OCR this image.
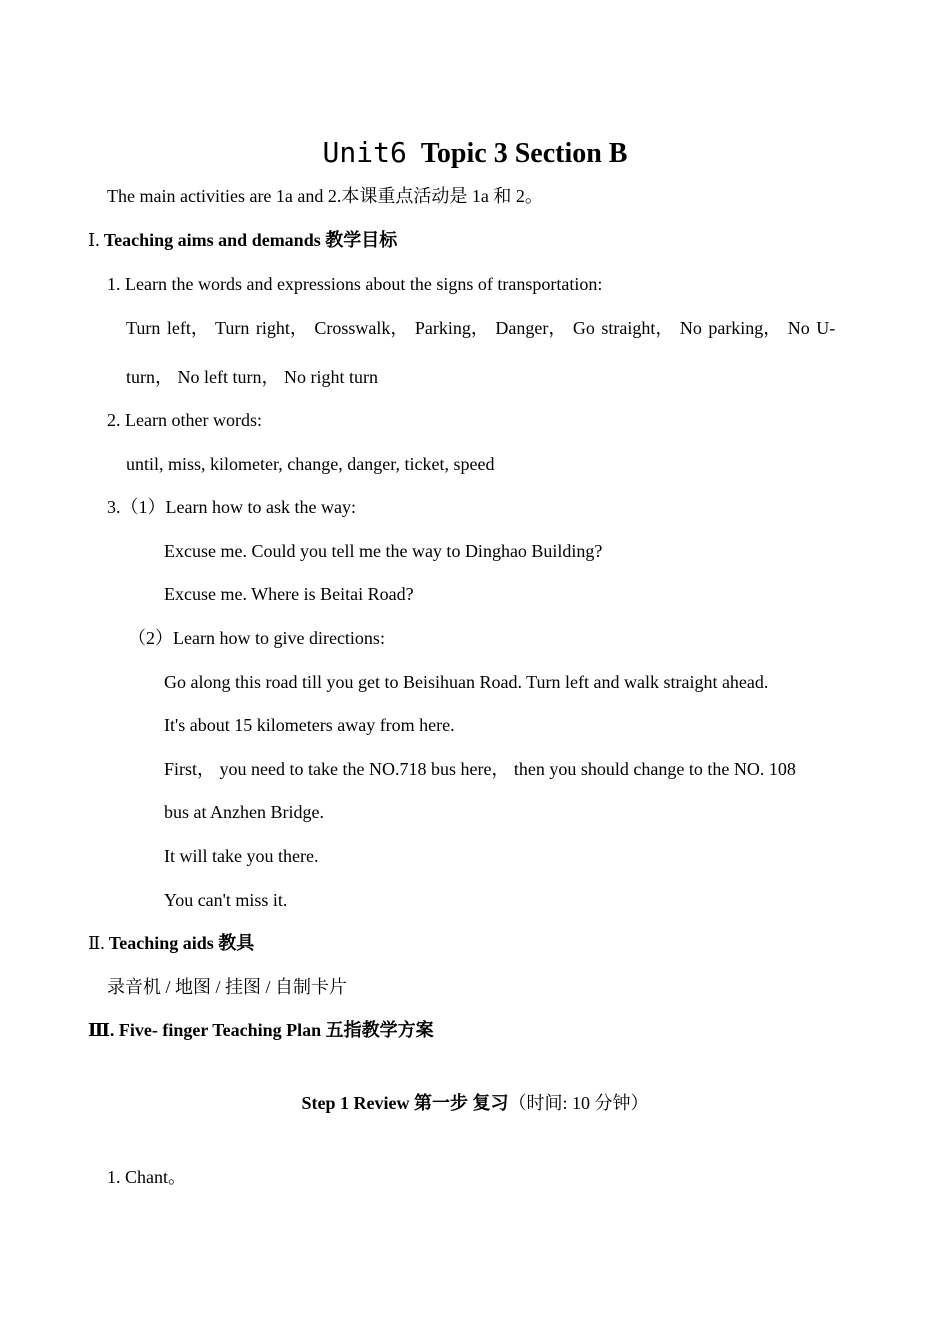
Unit6 Topic 3 Section B
The main activities are 1a and 2.本课重点活动是 1a 和 2。
Ⅰ. Teaching aims and demands 教学目标
1. Learn the words and expressions about the signs of transportation:
Turn left， Turn right， Crosswalk， Parking， Danger， Go straight， No parking， No U-
turn， No left turn， No right turn
2. Learn other words:
until, miss, kilometer, change, danger, ticket, speed
3.（1）Learn how to ask the way:
Excuse me. Could you tell me the way to Dinghao Building?
Excuse me. Where is Beitai Road?
（2）Learn how to give directions:
Go along this road till you get to Beisihuan Road. Turn left and walk straight ahead.
It's about 15 kilometers away from here.
First， you need to take the NO.718 bus here， then you should change to the NO. 108
bus at Anzhen Bridge.
It will take you there.
You can't miss it.
Ⅱ. Teaching aids 教具
录音机 / 地图 / 挂图 / 自制卡片
Ⅲ. Five- finger Teaching Plan 五指教学方案
Step 1 Review 第一步 复习（时间: 10 分钟）
1. Chant。
